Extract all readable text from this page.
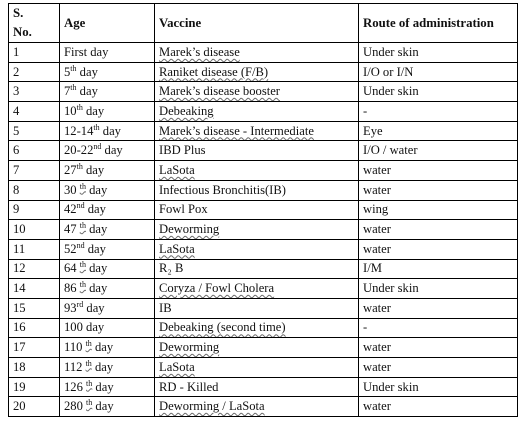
S.
No.	Age	Vaccine	Route of administration
1	First day	Marek’s disease	Under skin
2	5th day	Raniket disease (F/B)	I/O or I/N
3	7th day	Marek’s disease booster	Under skin
4	10th day	Debeaking	-
5	12-14th day	Marek’s disease - Intermediate	Eye
6	20-22nd day	IBD Plus	I/O / water
7	27th day	LaSota	water
8	30 $^{th}$ day	Infectious Bronchitis(IB)	water
9	42nd day	Fowl Pox	wing
10	47 $^{th}$ day	Deworming	water
11	52nd day	LaSota	water
12	64 $^{th}$ day	R₂ B	I/M
14	86 $^{th}$ day	Coryza / Fowl Cholera	Under skin
15	93rd day	IB	water
16	100 day	Debeaking (second time)	-
17	110 $^{th}$ day	Deworming	water
18	112 $^{th}$ day	LaSota	water
19	126 $^{th}$ day	RD - Killed	Under skin
20	280 $^{th}$ day	Deworming / LaSota	water
